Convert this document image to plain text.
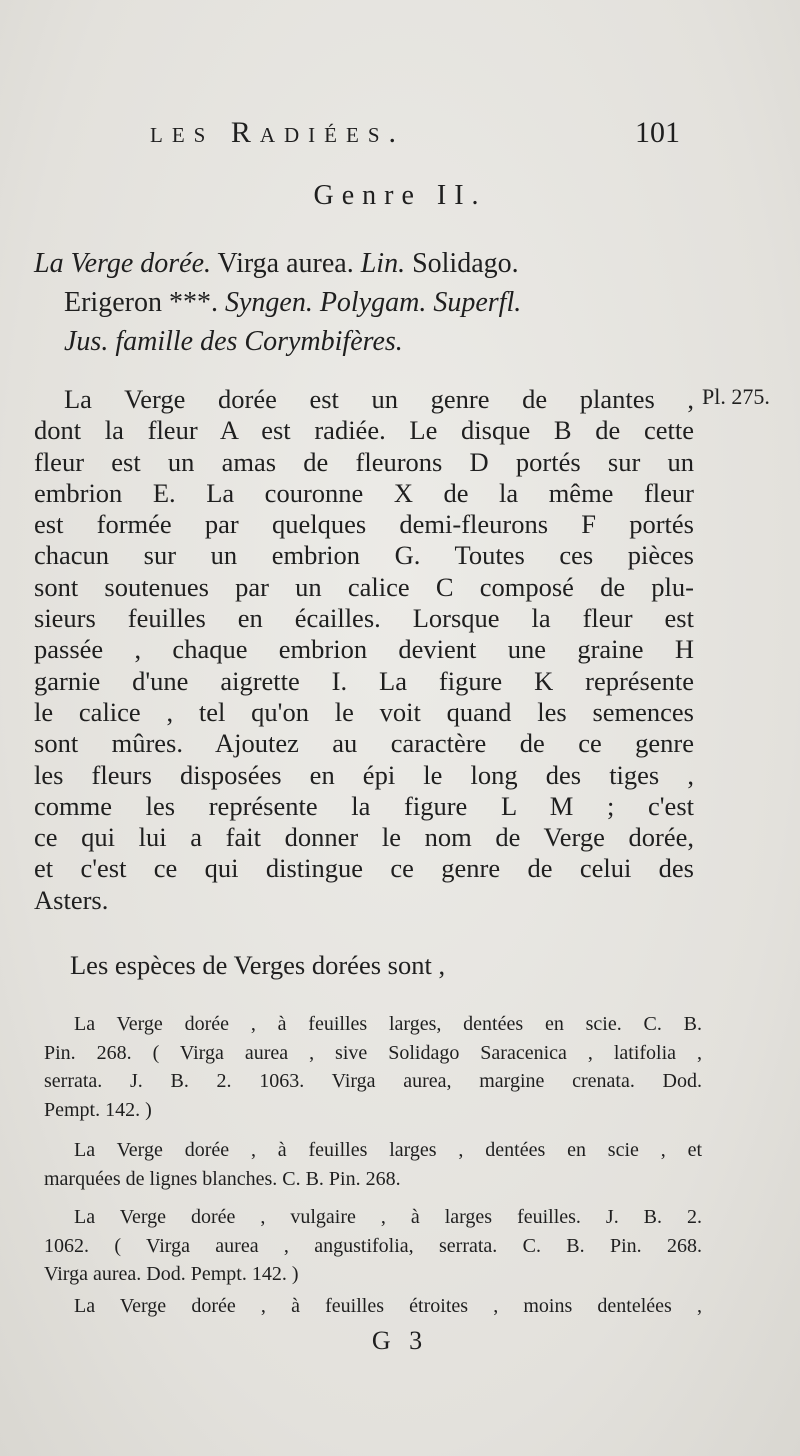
les Radiées.	101
Genre II.
La Verge dorée. Virga aurea. Lin. Solidago.
Erigeron ***. Syngen. Polygam. Superfl.
Jus. famille des Corymbifères.
Pl. 275.
La Verge dorée est un genre de plantes ,
dont la fleur A est radiée. Le disque B de cette
fleur est un amas de fleurons D portés sur un
embrion E. La couronne X de la même fleur
est formée par quelques demi-fleurons F portés
chacun sur un embrion G. Toutes ces pièces
sont soutenues par un calice C composé de plu-
sieurs feuilles en écailles. Lorsque la fleur est
passée , chaque embrion devient une graine H
garnie d'une aigrette I. La figure K représente
le calice , tel qu'on le voit quand les semences
sont mûres. Ajoutez au caractère de ce genre
les fleurs disposées en épi le long des tiges ,
comme les représente la figure L M ; c'est
ce qui lui a fait donner le nom de Verge dorée,
et c'est ce qui distingue ce genre de celui des
Asters.
Les espèces de Verges dorées sont ,
La Verge dorée , à feuilles larges, dentées en scie. C. B.
Pin. 268. ( Virga aurea , sive Solidago Saracenica , latifolia ,
serrata. J. B. 2. 1063. Virga aurea, margine crenata. Dod.
Pempt. 142. )
La Verge dorée , à feuilles larges , dentées en scie , et
marquées de lignes blanches. C. B. Pin. 268.
La Verge dorée , vulgaire , à larges feuilles. J. B. 2.
1062. ( Virga aurea , angustifolia, serrata. C. B. Pin. 268.
Virga aurea. Dod. Pempt. 142. )
La Verge dorée , à feuilles étroites , moins dentelées ,
G 3
